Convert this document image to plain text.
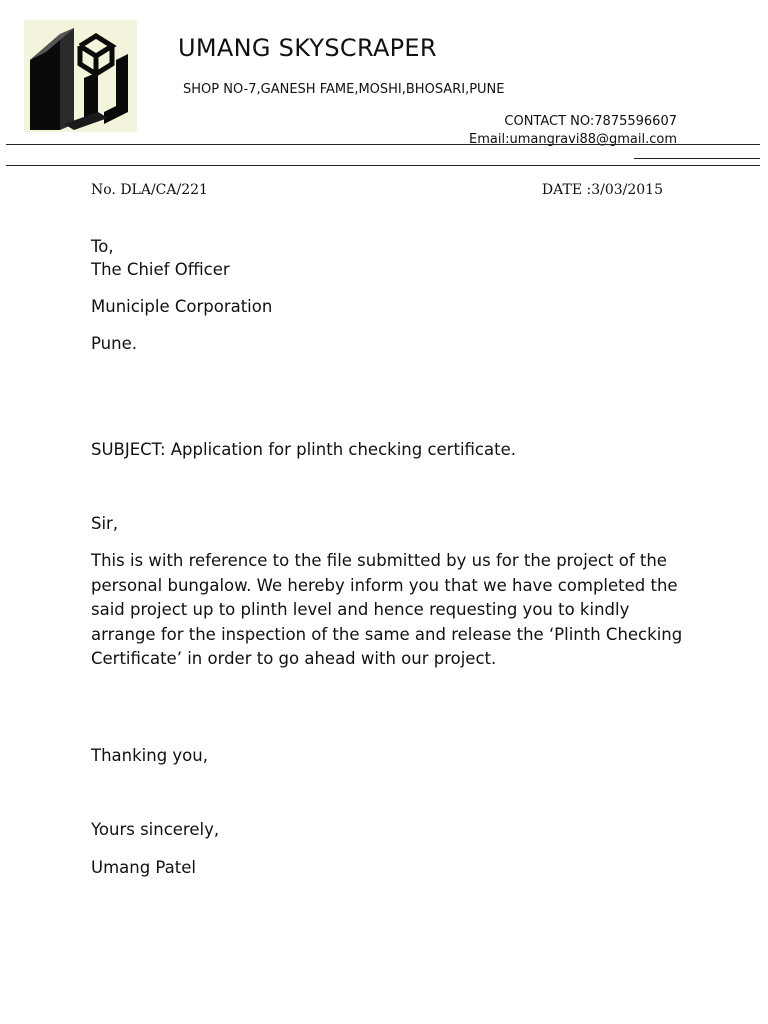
UMANG SKYSCRAPER
SHOP NO-7,GANESH FAME,MOSHI,BHOSARI,PUNE
CONTACT NO:7875596607
Email:umangravi88@gmail.com
No. DLA/CA/221	DATE :3/03/2015

To,

The Chief Officer

Municiple Corporation

Pune.

SUBJECT: Application for plinth checking certificate.

Sir,

This is with reference to the file submitted by us for the project of the personal bungalow. We hereby inform you that we have completed the said project up to plinth level and hence requesting you to kindly arrange for the inspection of the same and release the ‘Plinth Checking Certificate’ in order to go ahead with our project.

Thanking you,

Yours sincerely,

Umang Patel
